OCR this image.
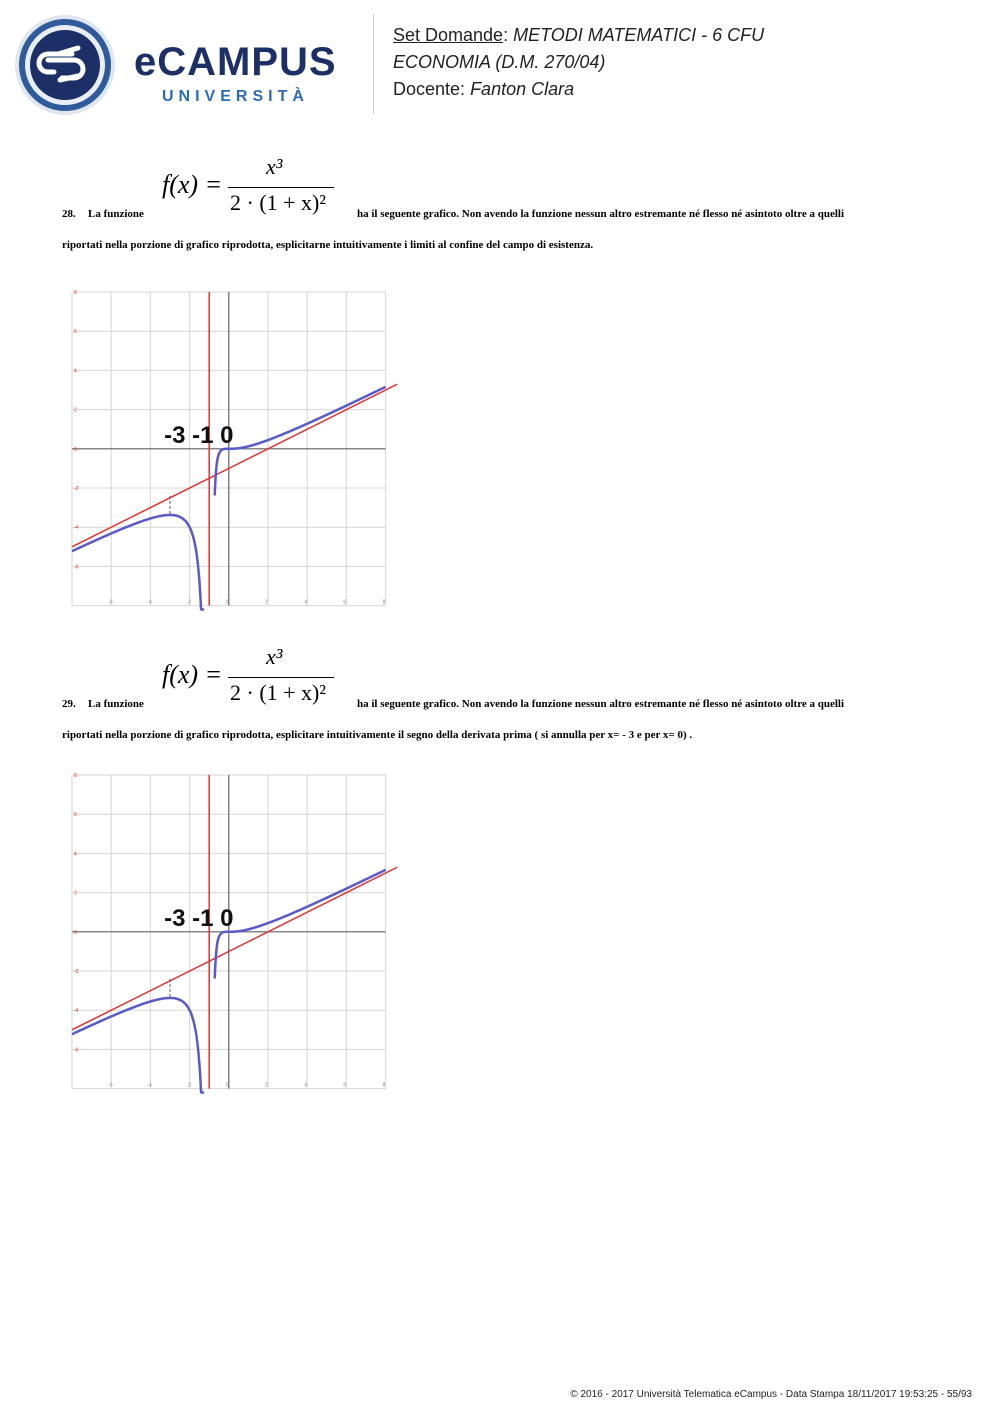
eCAMPUS
UNIVERSITÀ
Set Domande: METODI MATEMATICI - 6 CFU
ECONOMIA (D.M. 270/04)
Docente: Fanton Clara
28. La funzione
f(x) =
x³
2 · (1 + x)²	ha il seguente grafico. Non avendo la funzione nessun altro estremante né flesso né asintoto oltre a quelli
riportati nella porzione di grafico riprodotta, esplicitarne intuitivamente i limiti al confine del campo di esistenza.
-6	-4	-2	0	2	4	6	8
8
6
4
2
0
-2
-4
-6
-3 -1 0
29. La funzione
f(x) =
x³
2 · (1 + x)²	ha il seguente grafico. Non avendo la funzione nessun altro estremante né flesso né asintoto oltre a quelli
riportati nella porzione di grafico riprodotta, esplicitare intuitivamente il segno della derivata prima ( si annulla per x= - 3 e per x= 0) .
-6	-4	-2	0	2	4	6	8
8
6
4
2
0
-2
-4
-6
-3 -1 0
© 2016 - 2017 Università Telematica eCampus - Data Stampa 18/11/2017 19:53:25 - 55/93
